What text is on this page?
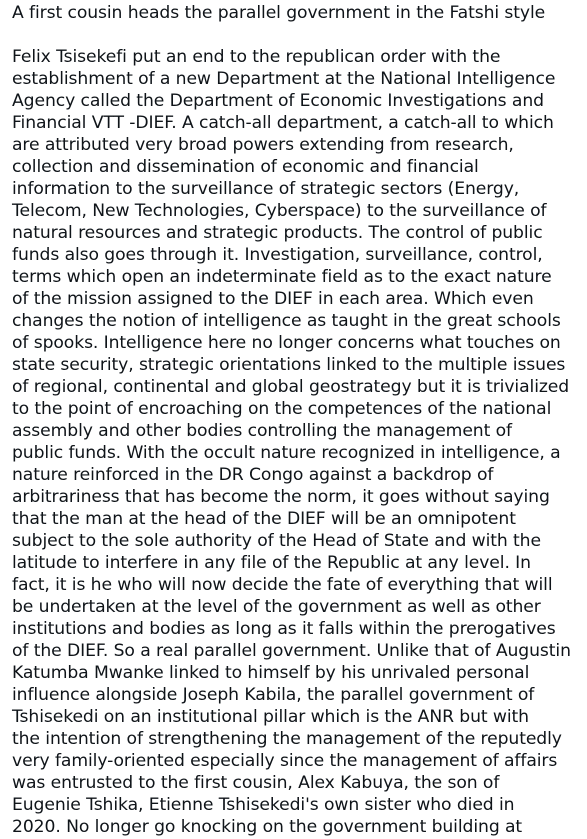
A first cousin heads the parallel government in the Fatshi style
Felix Tsisekefi put an end to the republican order with the
establishment of a new Department at the National Intelligence
Agency called the Department of Economic Investigations and
Financial VTT -DIEF. A catch-all department, a catch-all to which
are attributed very broad powers extending from research,
collection and dissemination of economic and financial
information to the surveillance of strategic sectors (Energy,
Telecom, New Technologies, Cyberspace) to the surveillance of
natural resources and strategic products. The control of public
funds also goes through it. Investigation, surveillance, control,
terms which open an indeterminate field as to the exact nature
of the mission assigned to the DIEF in each area. Which even
changes the notion of intelligence as taught in the great schools
of spooks. Intelligence here no longer concerns what touches on
state security, strategic orientations linked to the multiple issues
of regional, continental and global geostrategy but it is trivialized
to the point of encroaching on the competences of the national
assembly and other bodies controlling the management of
public funds. With the occult nature recognized in intelligence, a
nature reinforced in the DR Congo against a backdrop of
arbitrariness that has become the norm, it goes without saying
that the man at the head of the DIEF will be an omnipotent
subject to the sole authority of the Head of State and with the
latitude to interfere in any file of the Republic at any level. In
fact, it is he who will now decide the fate of everything that will
be undertaken at the level of the government as well as other
institutions and bodies as long as it falls within the prerogatives
of the DIEF. So a real parallel government. Unlike that of Augustin
Katumba Mwanke linked to himself by his unrivaled personal
influence alongside Joseph Kabila, the parallel government of
Tshisekedi on an institutional pillar which is the ANR but with
the intention of strengthening the management of the reputedly
very family-oriented especially since the management of affairs
was entrusted to the first cousin, Alex Kabuya, the son of
Eugenie Tshika, Etienne Tshisekedi's own sister who died in
2020. No longer go knocking on the government building at
